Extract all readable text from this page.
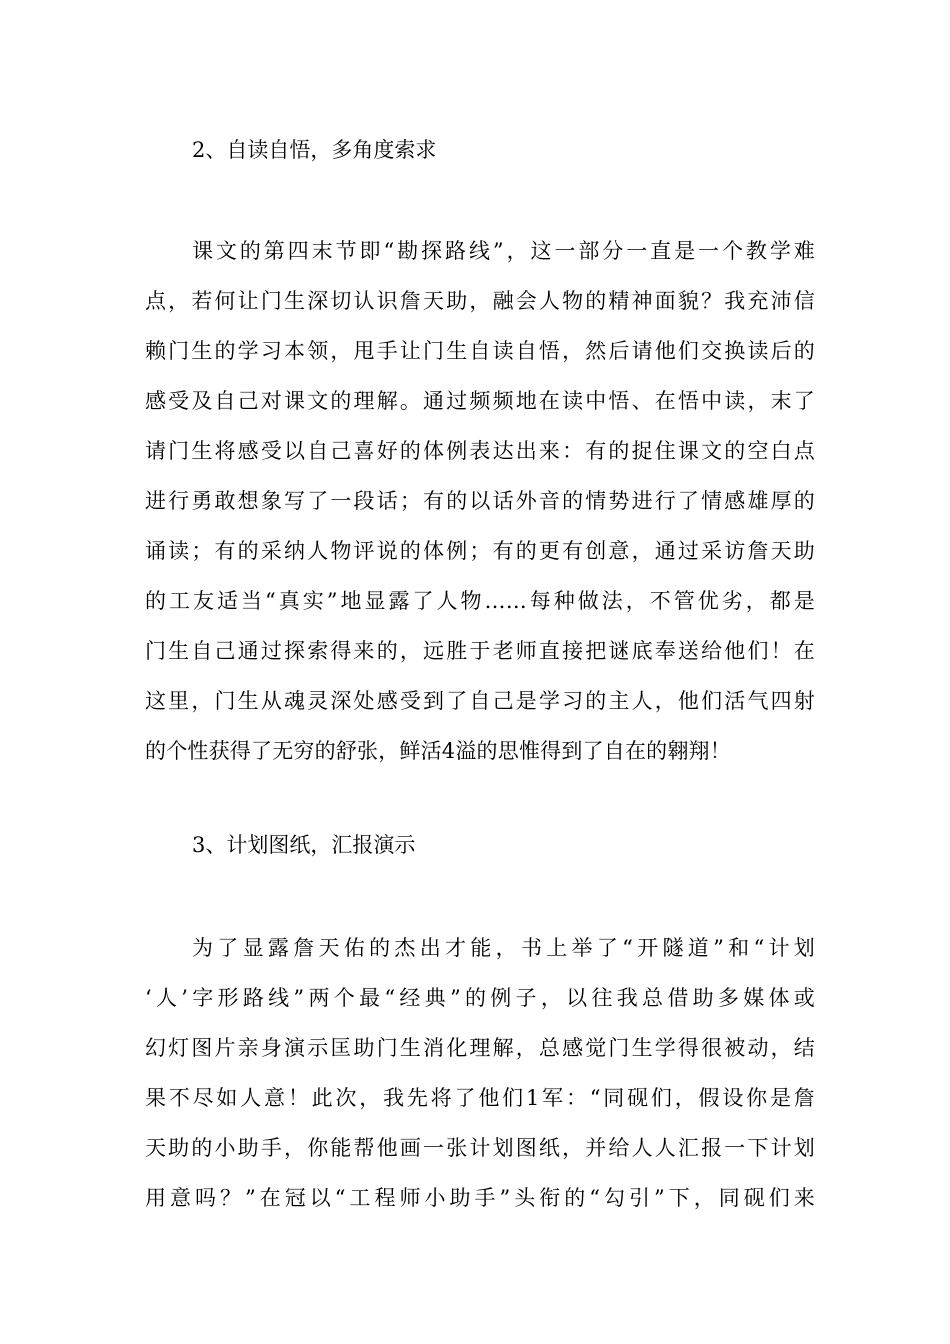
2、自读自悟，多角度索求
课文的第四末节即“勘探路线”，这一部分一直是一个教学难
点，若何让门生深切认识詹天助，融会人物的精神面貌？我充沛信
赖门生的学习本领，甩手让门生自读自悟，然后请他们交换读后的
感受及自己对课文的理解。通过频频地在读中悟、在悟中读，末了
请门生将感受以自己喜好的体例表达出来：有的捉住课文的空白点
进行勇敢想象写了一段话；有的以话外音的情势进行了情感雄厚的
诵读；有的采纳人物评说的体例；有的更有创意，通过采访詹天助
的工友适当“真实”地显露了人物……每种做法，不管优劣，都是
门生自己通过探索得来的，远胜于老师直接把谜底奉送给他们！在
这里，门生从魂灵深处感受到了自己是学习的主人，他们活气四射
的个性获得了无穷的舒张，鲜活4溢的思惟得到了自在的翱翔！
3、计划图纸，汇报演示
为了显露詹天佑的杰出才能，书上举了“开隧道”和“计划
‘人’字形路线”两个最“经典”的例子，以往我总借助多媒体或
幻灯图片亲身演示匡助门生消化理解，总感觉门生学得很被动，结
果不尽如人意！此次，我先将了他们1军：“同砚们，假设你是詹
天助的小助手，你能帮他画一张计划图纸，并给人人汇报一下计划
用意吗？”在冠以“工程师小助手”头衔的“勾引”下，同砚们来
